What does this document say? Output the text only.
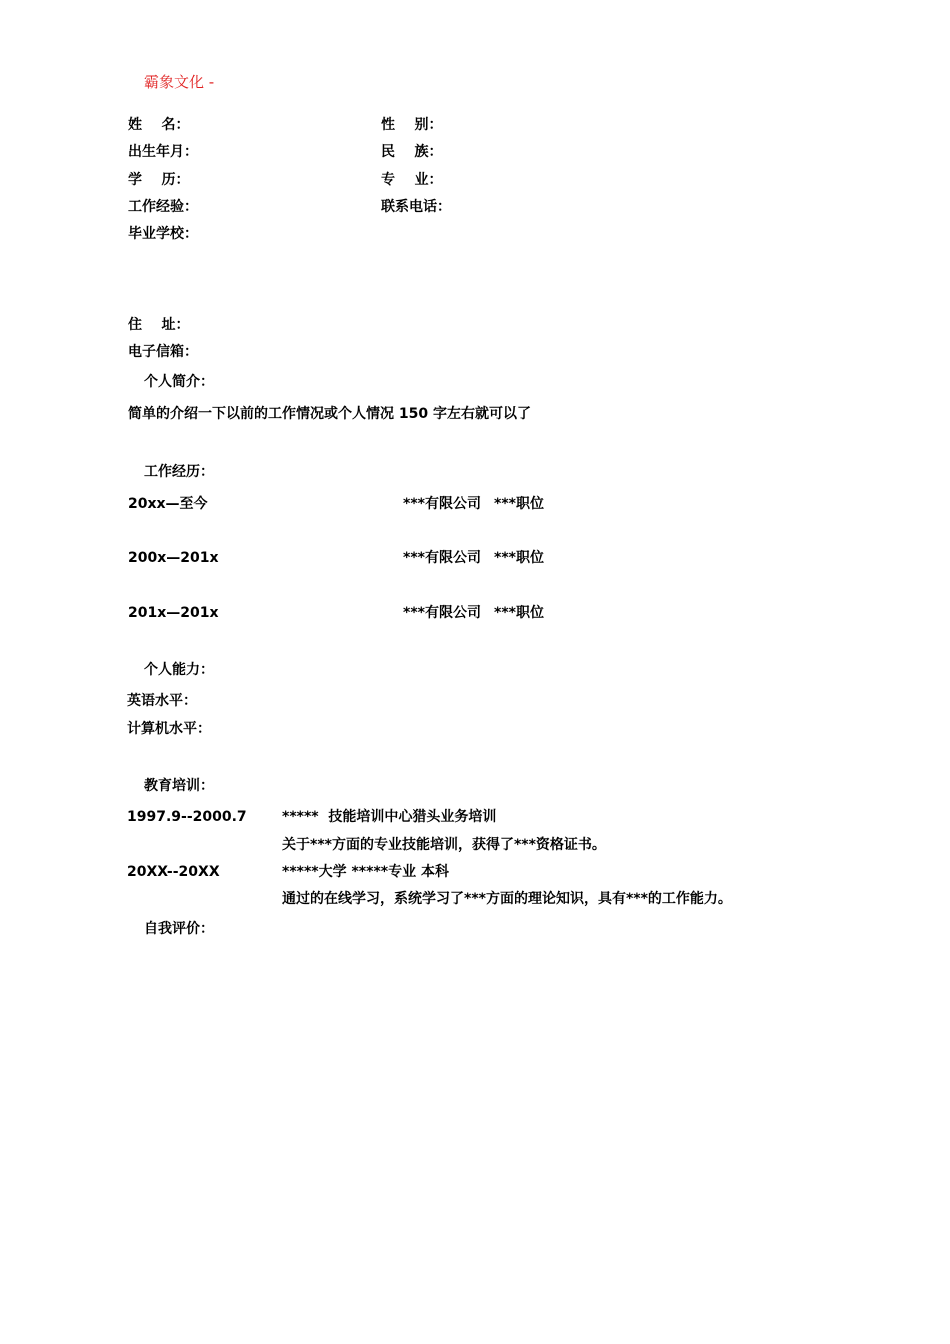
霸象文化 -
姓    名：	性    别：
出生年月：	民    族：
学    历：	专    业：
工作经验：	联系电话：
毕业学校：
住    址：
电子信箱：
个人简介：
简单的介绍一下以前的工作情况或个人情况 150 字左右就可以了
工作经历：
20xx—至今	***有限公司 ***职位
200x—201x	***有限公司 ***职位
201x—201x	***有限公司 ***职位
个人能力：
英语水平：
计算机水平：
教育培训：
1997.9--2000.7	*****  技能培训中心猎头业务培训
关于***方面的专业技能培训，获得了***资格证书。
20XX--20XX	*****大学 *****专业 本科
通过的在线学习，系统学习了***方面的理论知识，具有***的工作能力。
自我评价：
